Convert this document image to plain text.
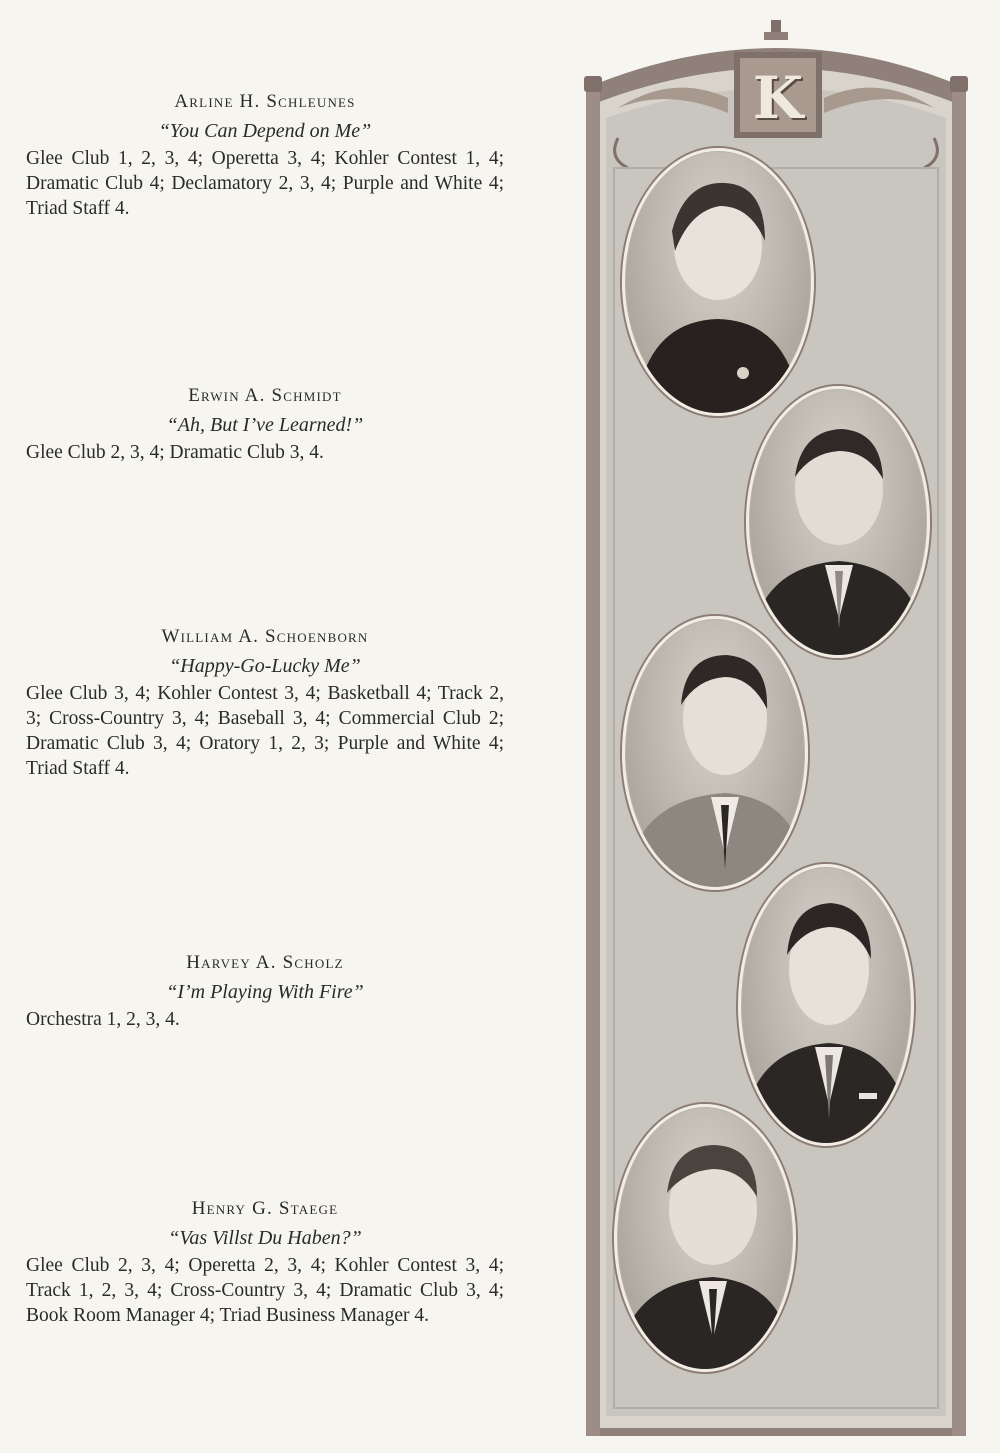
Arline H. Schleunes

“You Can Depend on Me”

Glee Club 1, 2, 3, 4; Operetta 3, 4; Kohler Contest 1, 4; Dramatic Club 4; Declamatory 2, 3, 4; Purple and White 4; Triad Staff 4.

Erwin A. Schmidt

“Ah, But I’ve Learned!”

Glee Club 2, 3, 4; Dramatic Club 3, 4.

William A. Schoenborn

“Happy-Go-Lucky Me”

Glee Club 3, 4; Kohler Contest 3, 4; Basketball 4; Track 2, 3; Cross-Country 3, 4; Baseball 3, 4; Commercial Club 2; Dramatic Club 3, 4; Oratory 1, 2, 3; Purple and White 4; Triad Staff 4.

Harvey A. Scholz

“I’m Playing With Fire”

Orchestra 1, 2, 3, 4.

Henry G. Staege

“Vas Villst Du Haben?”

Glee Club 2, 3, 4; Operetta 2, 3, 4; Kohler Contest 3, 4; Track 1, 2, 3, 4; Cross-Country 3, 4; Dramatic Club 3, 4; Book Room Manager 4; Triad Business Manager 4.

K
